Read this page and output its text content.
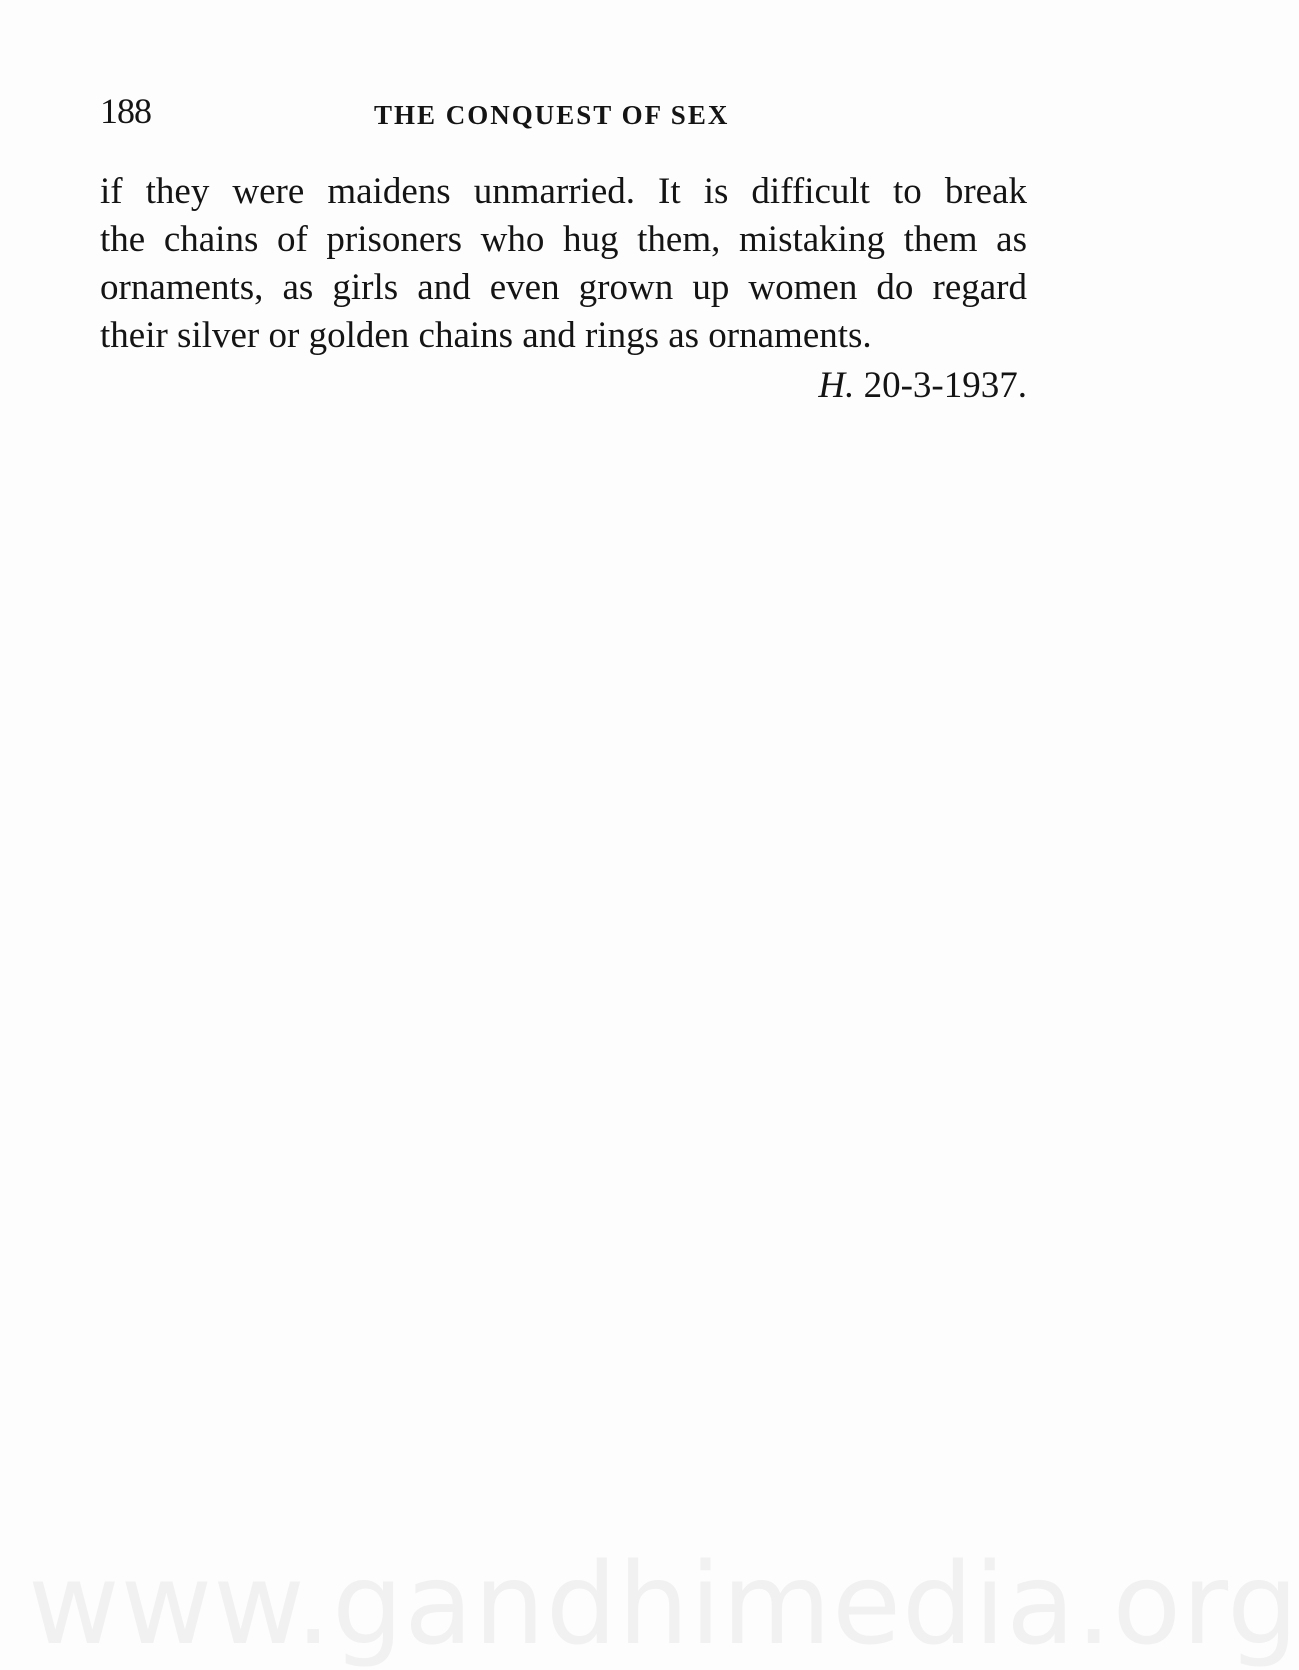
188	THE CONQUEST OF SEX
if they were maidens unmarried. It is difficult to break
the chains of prisoners who hug them, mistaking them as
ornaments, as girls and even grown up women do regard
their silver or golden chains and rings as ornaments.
H. 20-3-1937.
www.gandhimedia.org
